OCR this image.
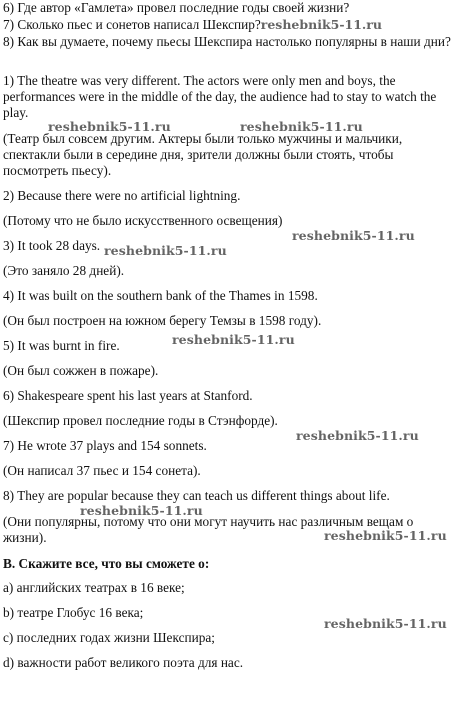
6) Где автор «Гамлета» провел последние годы своей жизни?

7) Сколько пьес и сонетов написал Шекспир?reshebnik5-11.ru

8) Как вы думаете, почему пьесы Шекспира настолько популярны в наши дни?

1) The theatre was very different. The actors were only men and boys, the performances were in the middle of the day, the audience had to stay to watch the play.

(Театр был совсем другим. Актеры были только мужчины и мальчики, спектакли были в середине дня, зрители должны были стоять, чтобы посмотреть пьесу).

2) Because there were no artificial lightning.

(Потому что не было искусственного освещения)

3) It took 28 days.

(Это заняло 28 дней).

4) It was built on the southern bank of the Thames in 1598.

(Он был построен на южном берегу Темзы в 1598 году).

5) It was burnt in fire.

(Он был сожжен в пожаре).

6) Shakespeare spent his last years at Stanford.

(Шекспир провел последние годы в Стэнфорде).

7) He wrote 37 plays and 154 sonnets.

(Он написал 37 пьес и 154 сонета).

8) They are popular because they can teach us different things about life.

(Они популярны, потому что они могут научить нас различным вещам о жизни).

B. Скажите все, что вы сможете о:

a) английских театрах в 16 веке;

b) театре Глобус 16 века;

c) последних годах жизни Шекспира;

d) важности работ великого поэта для нас.

reshebnik5-11.ru	reshebnik5-11.ru
reshebnik5-11.ru
reshebnik5-11.ru
reshebnik5-11.ru
reshebnik5-11.ru
reshebnik5-11.ru
reshebnik5-11.ru
reshebnik5-11.ru
